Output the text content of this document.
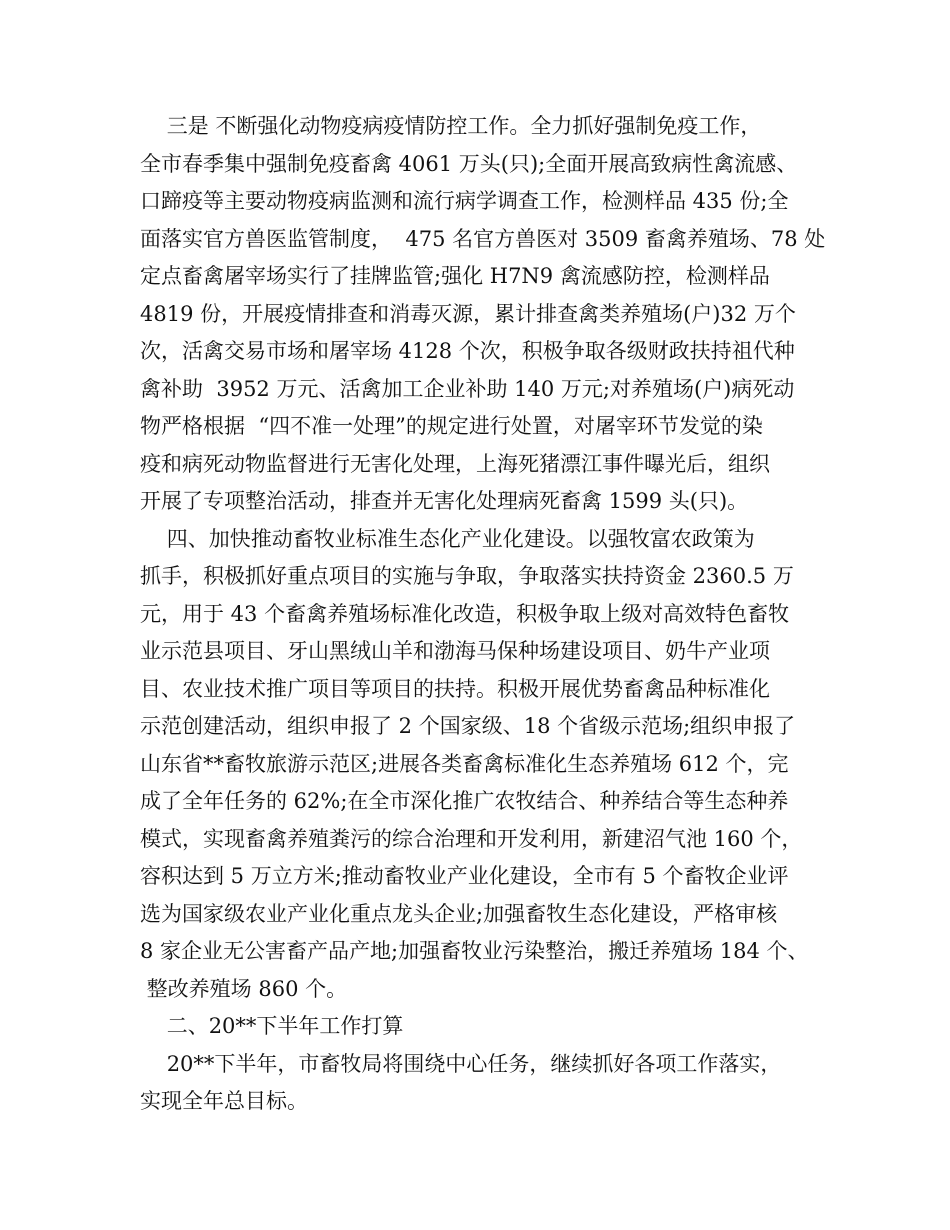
三是 不断强化动物疫病疫情防控工作。全力抓好强制免疫工作，
全市春季集中强制免疫畜禽 4061 万头(只);全面开展高致病性禽流感、
口蹄疫等主要动物疫病监测和流行病学调查工作，检测样品 435 份;全
面落实官方兽医监管制度，  475 名官方兽医对 3509 畜禽养殖场、78 处
定点畜禽屠宰场实行了挂牌监管;强化 H7N9 禽流感防控，检测样品
4819 份，开展疫情排查和消毒灭源，累计排查禽类养殖场(户)32 万个
次，活禽交易市场和屠宰场 4128 个次，积极争取各级财政扶持祖代种
禽补助  3952 万元、活禽加工企业补助 140 万元;对养殖场(户)病死动
物严格根据  “四不准一处理”的规定进行处置，对屠宰环节发觉的染
疫和病死动物监督进行无害化处理，上海死猪漂江事件曝光后，组织
开展了专项整治活动，排查并无害化处理病死畜禽 1599 头(只)。
四、加快推动畜牧业标准生态化产业化建设。以强牧富农政策为
抓手，积极抓好重点项目的实施与争取，争取落实扶持资金 2360.5 万
元，用于 43 个畜禽养殖场标准化改造，积极争取上级对高效特色畜牧
业示范县项目、牙山黑绒山羊和渤海马保种场建设项目、奶牛产业项
目、农业技术推广项目等项目的扶持。积极开展优势畜禽品种标准化
示范创建活动，组织申报了 2 个国家级、18 个省级示范场;组织申报了
山东省**畜牧旅游示范区;进展各类畜禽标准化生态养殖场 612 个，完
成了全年任务的 62%;在全市深化推广农牧结合、种养结合等生态种养
模式，实现畜禽养殖粪污的综合治理和开发利用，新建沼气池 160 个，
容积达到 5 万立方米;推动畜牧业产业化建设，全市有 5 个畜牧企业评
选为国家级农业产业化重点龙头企业;加强畜牧生态化建设，严格审核
8 家企业无公害畜产品产地;加强畜牧业污染整治，搬迁养殖场 184 个、
整改养殖场 860 个。
二、20**下半年工作打算
20**下半年，市畜牧局将围绕中心任务，继续抓好各项工作落实，
实现全年总目标。
